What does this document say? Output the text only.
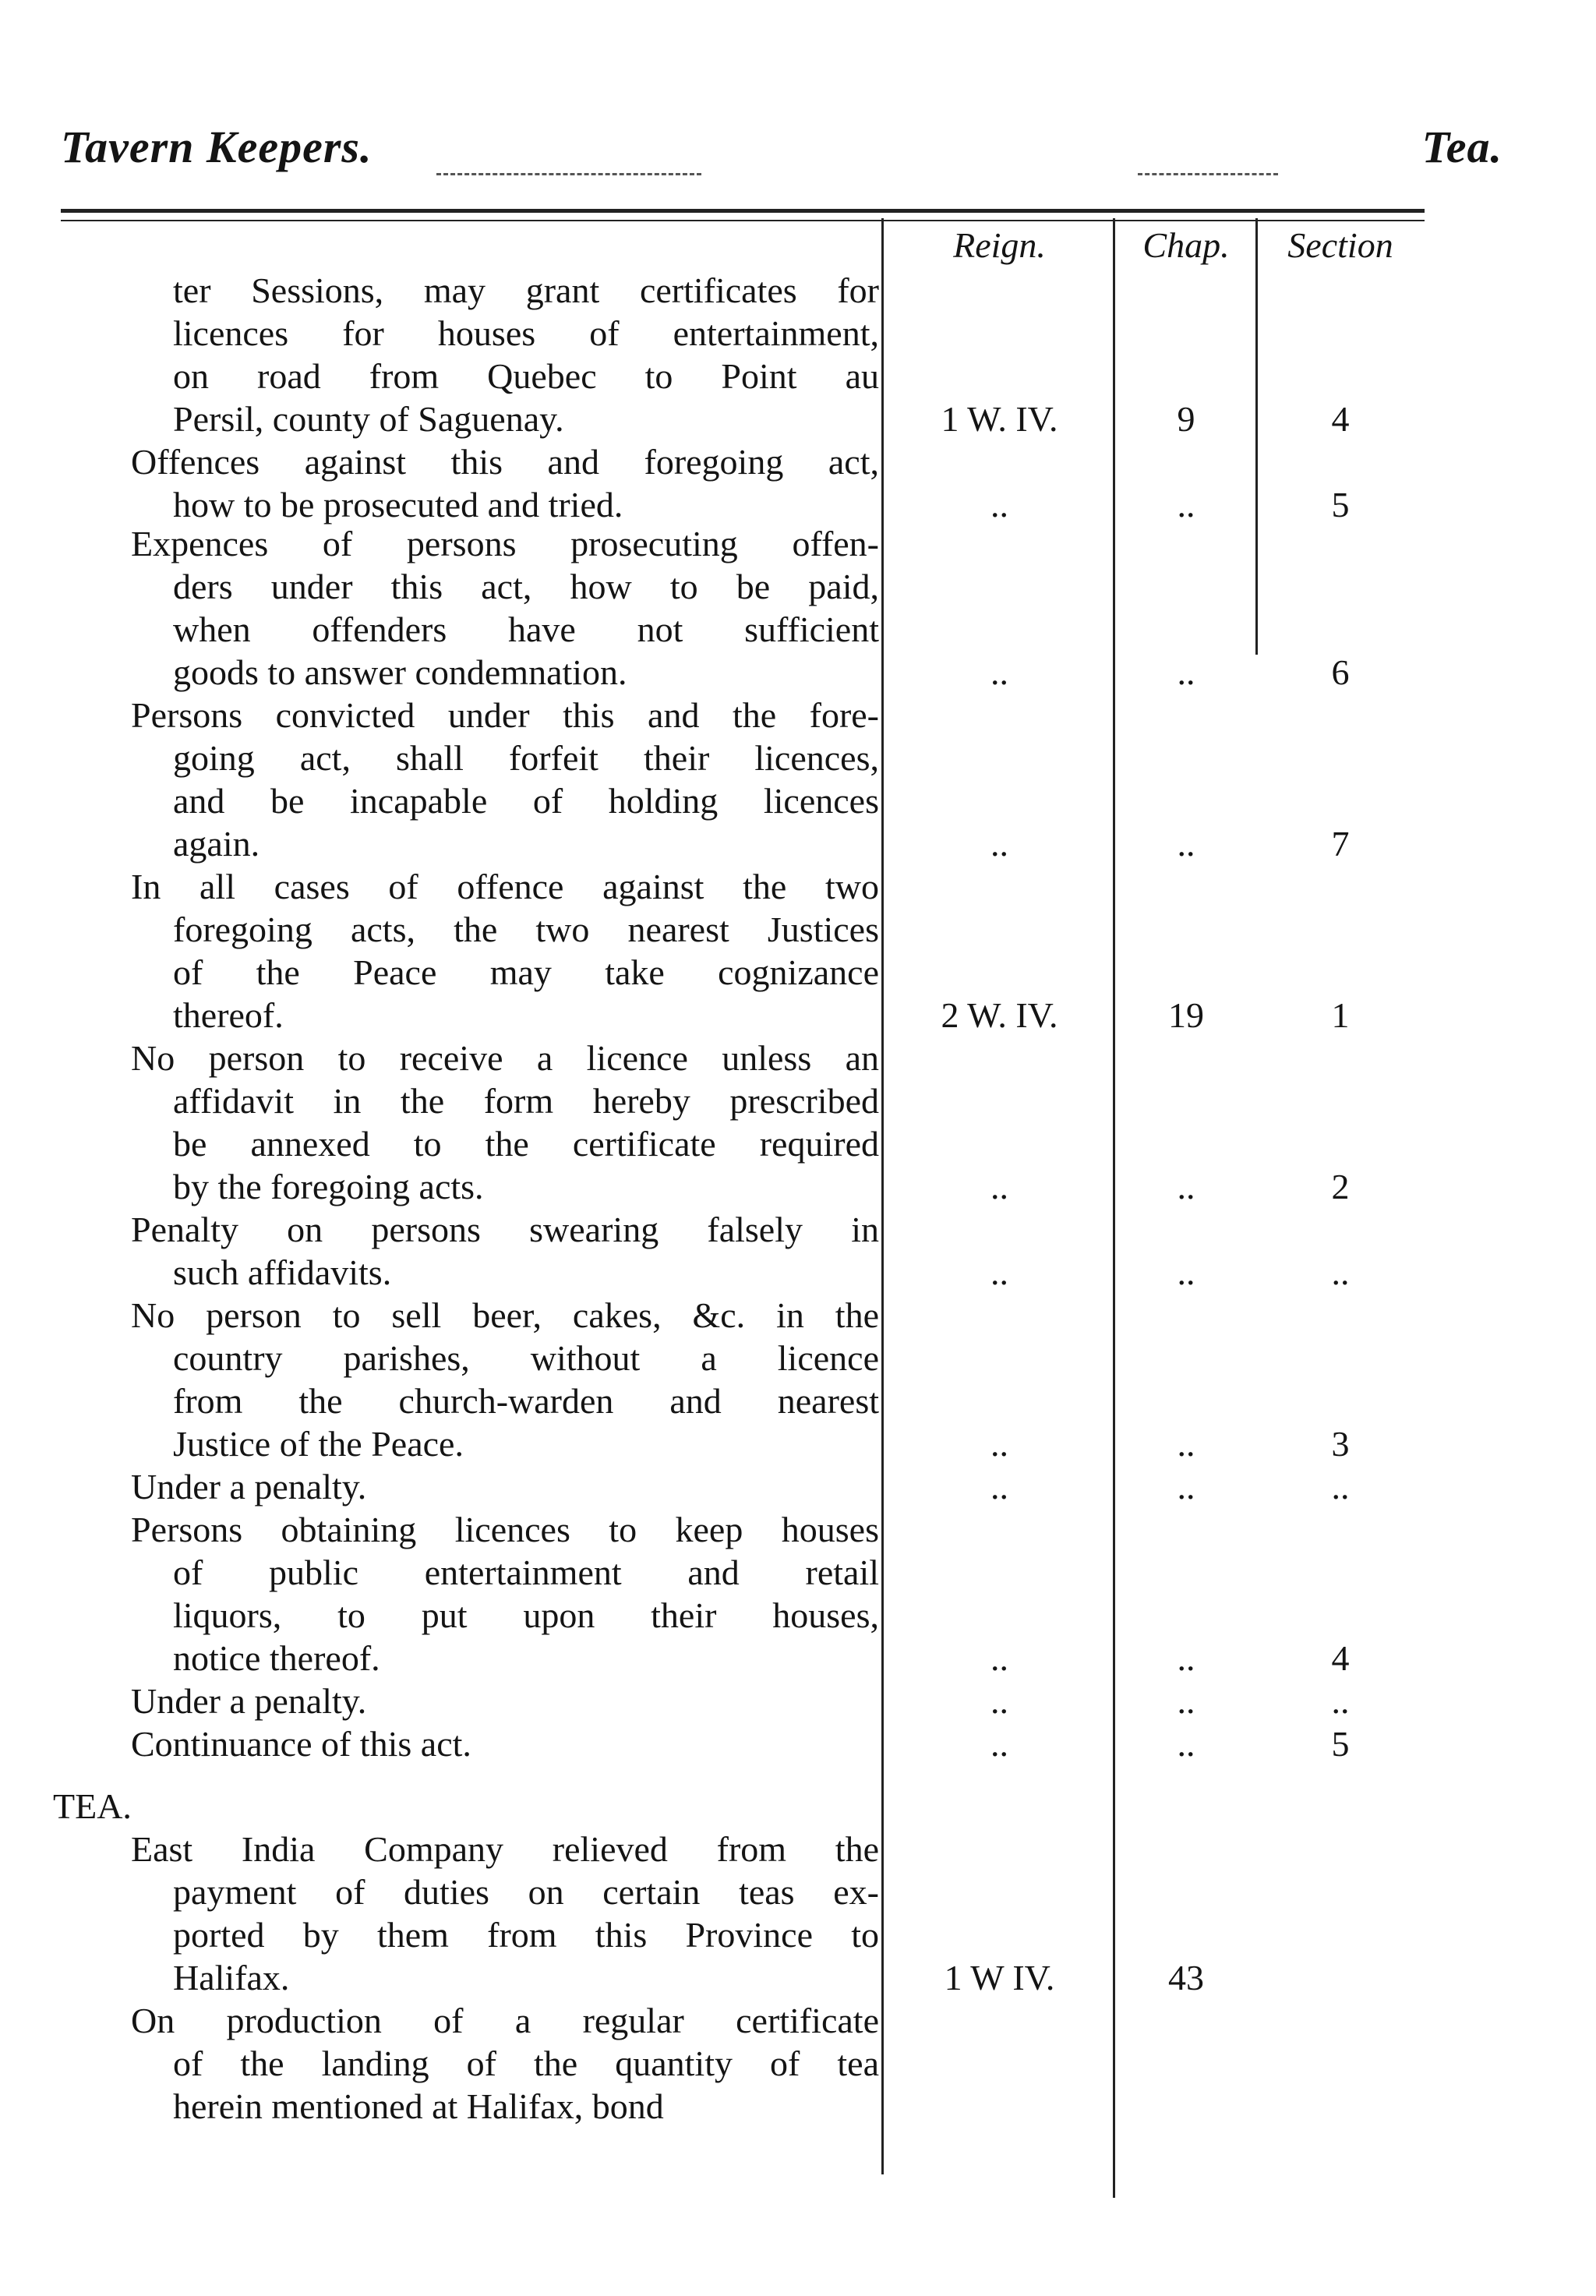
Tavern Keepers.	Tea.
Reign.	Chap.	Section
ter Sessions, may grant certificates for
licences for houses of entertainment,
on road from Quebec to Point au
Persil, county of Saguenay.	1 W. IV.	9	4
Offences against this and foregoing act,
how to be prosecuted and tried.	..	..	5
Expences of persons prosecuting offen-
ders under this act, how to be paid,
when offenders have not sufficient
goods to answer condemnation.	..	..	6
Persons convicted under this and the fore-
going act, shall forfeit their licences,
and be incapable of holding licences
again.	..	..	7
In all cases of offence against the two
foregoing acts, the two nearest Justices
of the Peace may take cognizance
thereof.	2 W. IV.	19	1
No person to receive a licence unless an
affidavit in the form hereby prescribed
be annexed to the certificate required
by the foregoing acts.	..	..	2
Penalty on persons swearing falsely in
such affidavits.	..	..	..
No person to sell beer, cakes, &c. in the
country parishes, without a licence
from the church-warden and nearest
Justice of the Peace.	..	..	3
Under a penalty.	..	..	..
Persons obtaining licences to keep houses
of public entertainment and retail
liquors, to put upon their houses,
notice thereof.	..	..	4
Under a penalty.	..	..	..
Continuance of this act.	..	..	5
East India Company relieved from the
payment of duties on certain teas ex-
ported by them from this Province to
Halifax.	1 W IV.	43
On production of a regular certificate
of the landing of the quantity of tea
herein mentioned at Halifax, bond
TEA.
